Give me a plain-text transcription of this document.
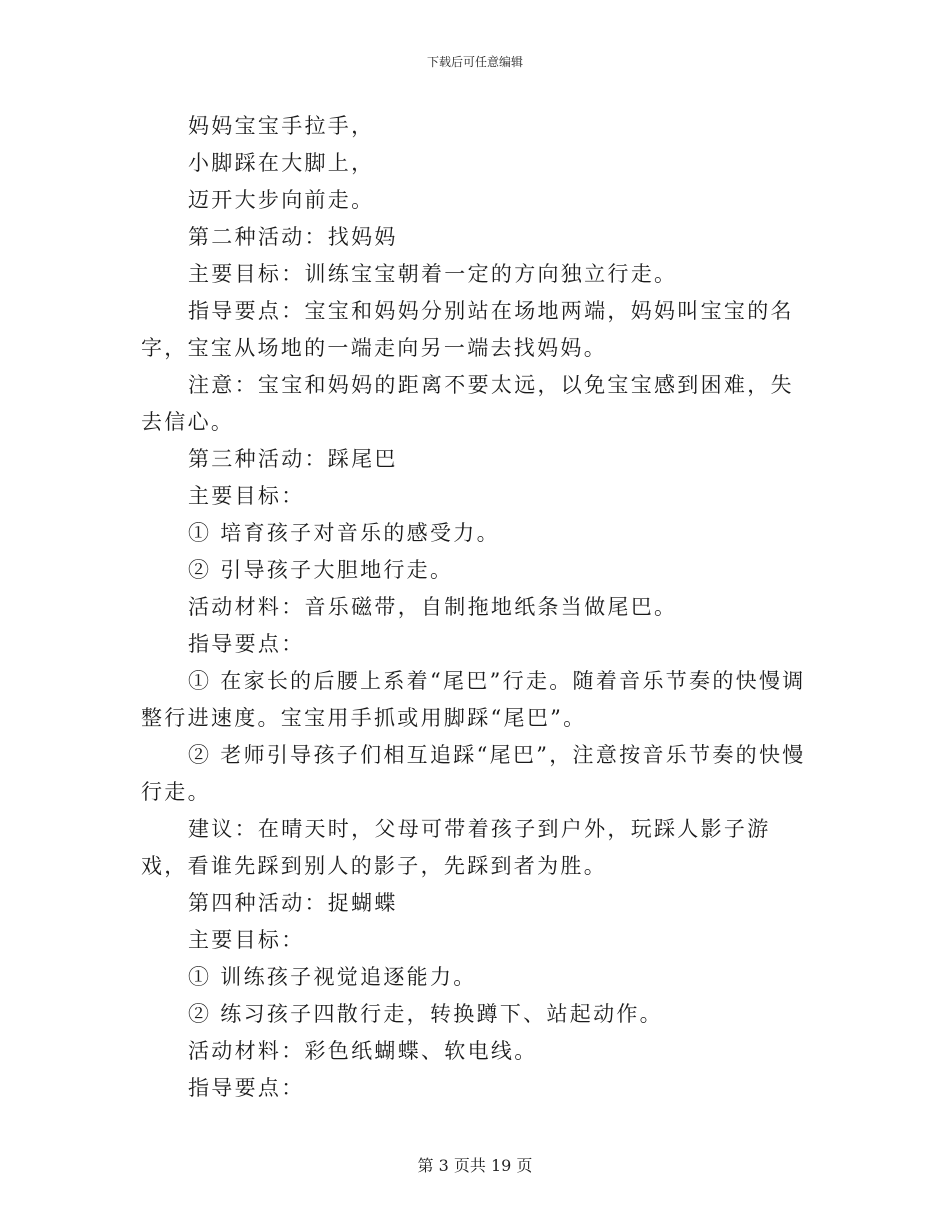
下载后可任意编辑

妈妈宝宝手拉手，

小脚踩在大脚上，

迈开大步向前走。

第二种活动：找妈妈

主要目标：训练宝宝朝着一定的方向独立行走。

指导要点：宝宝和妈妈分别站在场地两端，妈妈叫宝宝的名字，宝宝从场地的一端走向另一端去找妈妈。

注意：宝宝和妈妈的距离不要太远，以免宝宝感到困难，失去信心。

第三种活动：踩尾巴

主要目标：

① 培育孩子对音乐的感受力。

② 引导孩子大胆地行走。

活动材料：音乐磁带，自制拖地纸条当做尾巴。

指导要点：

① 在家长的后腰上系着“尾巴”行走。随着音乐节奏的快慢调整行进速度。宝宝用手抓或用脚踩“尾巴”。

② 老师引导孩子们相互追踩“尾巴”，注意按音乐节奏的快慢行走。

建议：在晴天时，父母可带着孩子到户外，玩踩人影子游戏，看谁先踩到别人的影子，先踩到者为胜。

第四种活动：捉蝴蝶

主要目标：

① 训练孩子视觉追逐能力。

② 练习孩子四散行走，转换蹲下、站起动作。

活动材料：彩色纸蝴蝶、软电线。

指导要点：

第 3 页共 19 页
